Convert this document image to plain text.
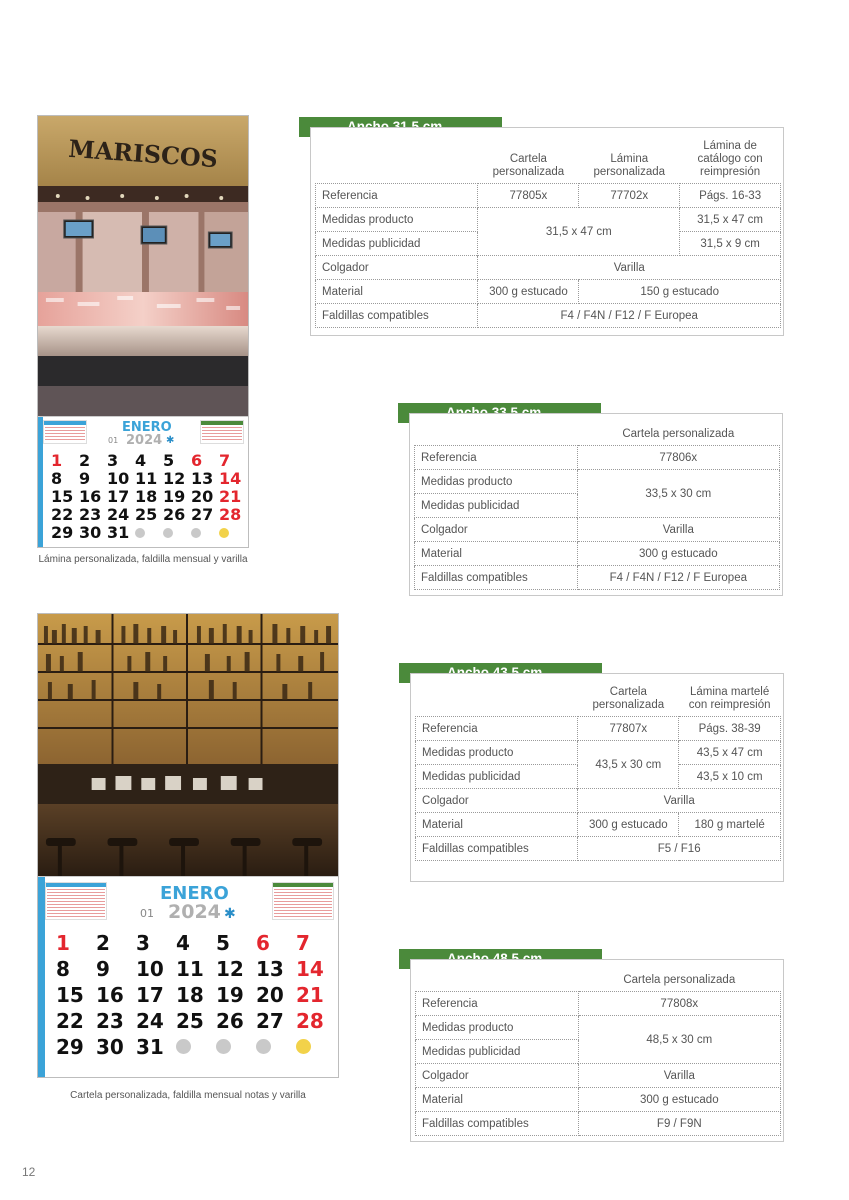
MARISCOS
ENERO
01 2024 ✱
1	2	3	4	5	6	7
8	9	10 11 12 13 14
15 16 17 18 19 20 21
22 23 24 25 26 27 28
29 30 31
Lámina personalizada, faldilla mensual y varilla
ENERO
01 2024 ✱
1	2	3	4	5	6	7
8	9	10 11 12 13 14
15 16 17 18 19 20 21
22 23 24 25 26 27 28
29 30 31
Cartela personalizada, faldilla mensual notas y varilla
	Cartela personalizada	Lámina personalizada	Lámina de catálogo con reimpresión
Referencia	77805x	77702x	Págs. 16-33
Medidas producto	31,5 x 47 cm		31,5 x 47 cm
Medidas publicidad			31,5 x 9 cm
Colgador	Varilla		
Material	300 g estucado	150 g estucado	
Faldillas compatibles	F4 / F4N / F12 / F Europea		
	Cartela personalizada
Referencia	77806x
Medidas producto	33,5 x 30 cm
Medidas publicidad	
Colgador	Varilla
Material	300 g estucado
Faldillas compatibles	F4 / F4N / F12 / F Europea
	Cartela personalizada	Lámina martelé con reimpresión
Referencia	77807x	Págs. 38-39
Medidas producto	43,5 x 30 cm	43,5 x 47 cm
Medidas publicidad		43,5 x 10 cm
Colgador	Varilla	
Material	300 g estucado	180 g martelé
Faldillas compatibles	F5 / F16	
	Cartela personalizada
Referencia	77808x
Medidas producto	48,5 x 30 cm
Medidas publicidad	
Colgador	Varilla
Material	300 g estucado
Faldillas compatibles	F9 / F9N
12
